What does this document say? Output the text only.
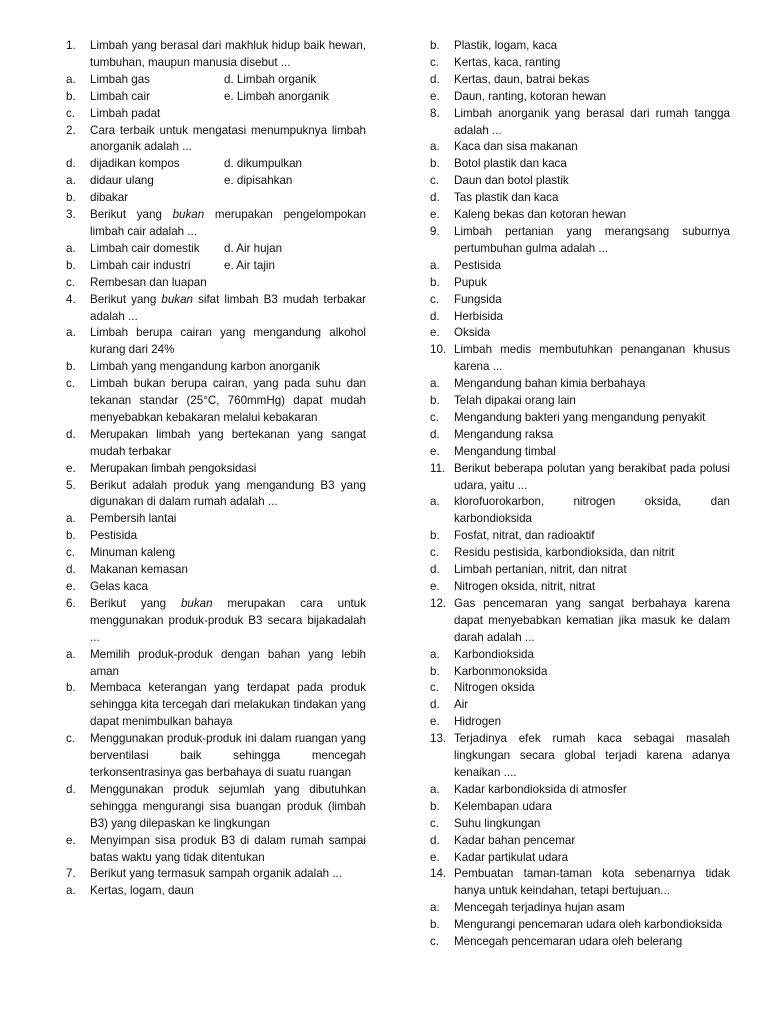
1.	Limbah yang berasal dari makhluk hidup baik hewan, tumbuhan, maupun manusia disebut ...
a.	Limbah gas	d. Limbah organik
b.	Limbah cair	e. Limbah anorganik
c.	Limbah padat
2.	Cara terbaik untuk mengatasi menumpuknya limbah anorganik adalah ...
d.	dijadikan kompos	d. dikumpulkan
a.	didaur ulang	e. dipisahkan
b.	dibakar
3.	Berikut yang bukan merupakan pengelompokan limbah cair adalah ...
a.	Limbah cair domestik	d. Air hujan
b.	Limbah cair industri	e. Air tajin
c.	Rembesan dan luapan
4.	Berikut yang bukan sifat limbah B3 mudah terbakar adalah ...
a.	Limbah berupa cairan yang mengandung alkohol kurang dari 24%
b.	Limbah yang mengandung karbon anorganik
c.	Limbah bukan berupa cairan, yang pada suhu dan tekanan standar (25°C, 760mmHg) dapat mudah menyebabkan kebakaran melalui kebakaran
d.	Merupakan limbah yang bertekanan yang sangat mudah terbakar
e.	Merupakan limbah pengoksidasi
5.	Berikut adalah produk yang mengandung B3 yang digunakan di dalam rumah adalah ...
a.	Pembersih lantai
b.	Pestisida
c.	Minuman kaleng
d.	Makanan kemasan
e.	Gelas kaca
6.	Berikut yang bukan merupakan cara untuk menggunakan produk-produk B3 secara bijakadalah ...
a.	Memilih produk-produk dengan bahan yang lebih aman
b.	Membaca keterangan yang terdapat pada produk sehingga kita tercegah dari melakukan tindakan yang dapat menimbulkan bahaya
c.	Menggunakan produk-produk ini dalam ruangan yang berventilasi baik sehingga mencegah terkonsentrasinya gas berbahaya di suatu ruangan
d.	Menggunakan produk sejumlah yang dibutuhkan sehingga mengurangi sisa buangan produk (limbah B3) yang dilepaskan ke lingkungan
e.	Menyimpan sisa produk B3 di dalam rumah sampai batas waktu yang tidak ditentukan
7.	Berikut yang termasuk sampah organik adalah ...
a.	Kertas, logam, daun
b.	Plastik, logam, kaca
c.	Kertas, kaca, ranting
d.	Kertas, daun, batrai bekas
e.	Daun, ranting, kotoran hewan
8.	Limbah anorganik yang berasal dari rumah tangga adalah ...
a.	Kaca dan sisa makanan
b.	Botol plastik dan kaca
c.	Daun dan botol plastik
d.	Tas plastik dan kaca
e.	Kaleng bekas dan kotoran hewan
9.	Limbah pertanian yang merangsang suburnya pertumbuhan gulma adalah ...
a.	Pestisida
b.	Pupuk
c.	Fungsida
d.	Herbisida
e.	Oksida
10. Limbah medis membutuhkan penanganan khusus karena ...
a.	Mengandung bahan kimia berbahaya
b.	Telah dipakai orang lain
c.	Mengandung bakteri yang mengandung penyakit
d.	Mengandung raksa
e.	Mengandung timbal
11. Berikut beberapa polutan yang berakibat pada polusi udara, yaitu ...
a.	klorofuorokarbon, nitrogen oksida, dan karbondioksida
b.	Fosfat, nitrat, dan radioaktif
c.	Residu pestisida, karbondioksida, dan nitrit
d.	Limbah pertanian, nitrit, dan nitrat
e.	Nitrogen oksida, nitrit, nitrat
12. Gas pencemaran yang sangat berbahaya karena dapat menyebabkan kematian jika masuk ke dalam darah adalah ...
a.	Karbondioksida
b.	Karbonmonoksida
c.	Nitrogen oksida
d.	Air
e.	Hidrogen
13. Terjadinya efek rumah kaca sebagai masalah lingkungan secara global terjadi karena adanya kenaikan ....
a.	Kadar karbondioksida di atmosfer
b.	Kelembapan udara
c.	Suhu lingkungan
d.	Kadar bahan pencemar
e.	Kadar partikulat udara
14. Pembuatan taman-taman kota sebenarnya tidak hanya untuk keindahan, tetapi bertujuan...
a.	Mencegah terjadinya hujan asam
b.	Mengurangi pencemaran udara oleh karbondioksida
c.	Mencegah pencemaran udara oleh belerang
